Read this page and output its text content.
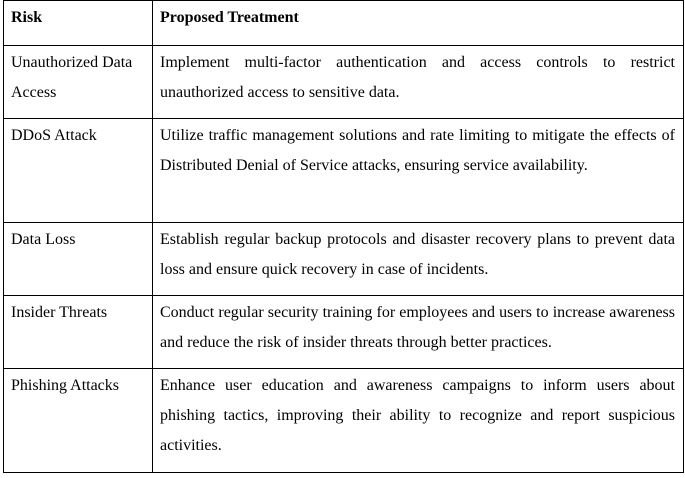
Risk	Proposed Treatment

Unauthorized Data Access	Implement multi-factor authentication and access controls to restrict unauthorized access to sensitive data.

DDoS Attack	Utilize traffic management solutions and rate limiting to mitigate the effects of Distributed Denial of Service attacks, ensuring service availability.

Data Loss	Establish regular backup protocols and disaster recovery plans to prevent data loss and ensure quick recovery in case of incidents.

Insider Threats	Conduct regular security training for employees and users to increase awareness and reduce the risk of insider threats through better practices.

Phishing Attacks	Enhance user education and awareness campaigns to inform users about phishing tactics, improving their ability to recognize and report suspicious activities.
